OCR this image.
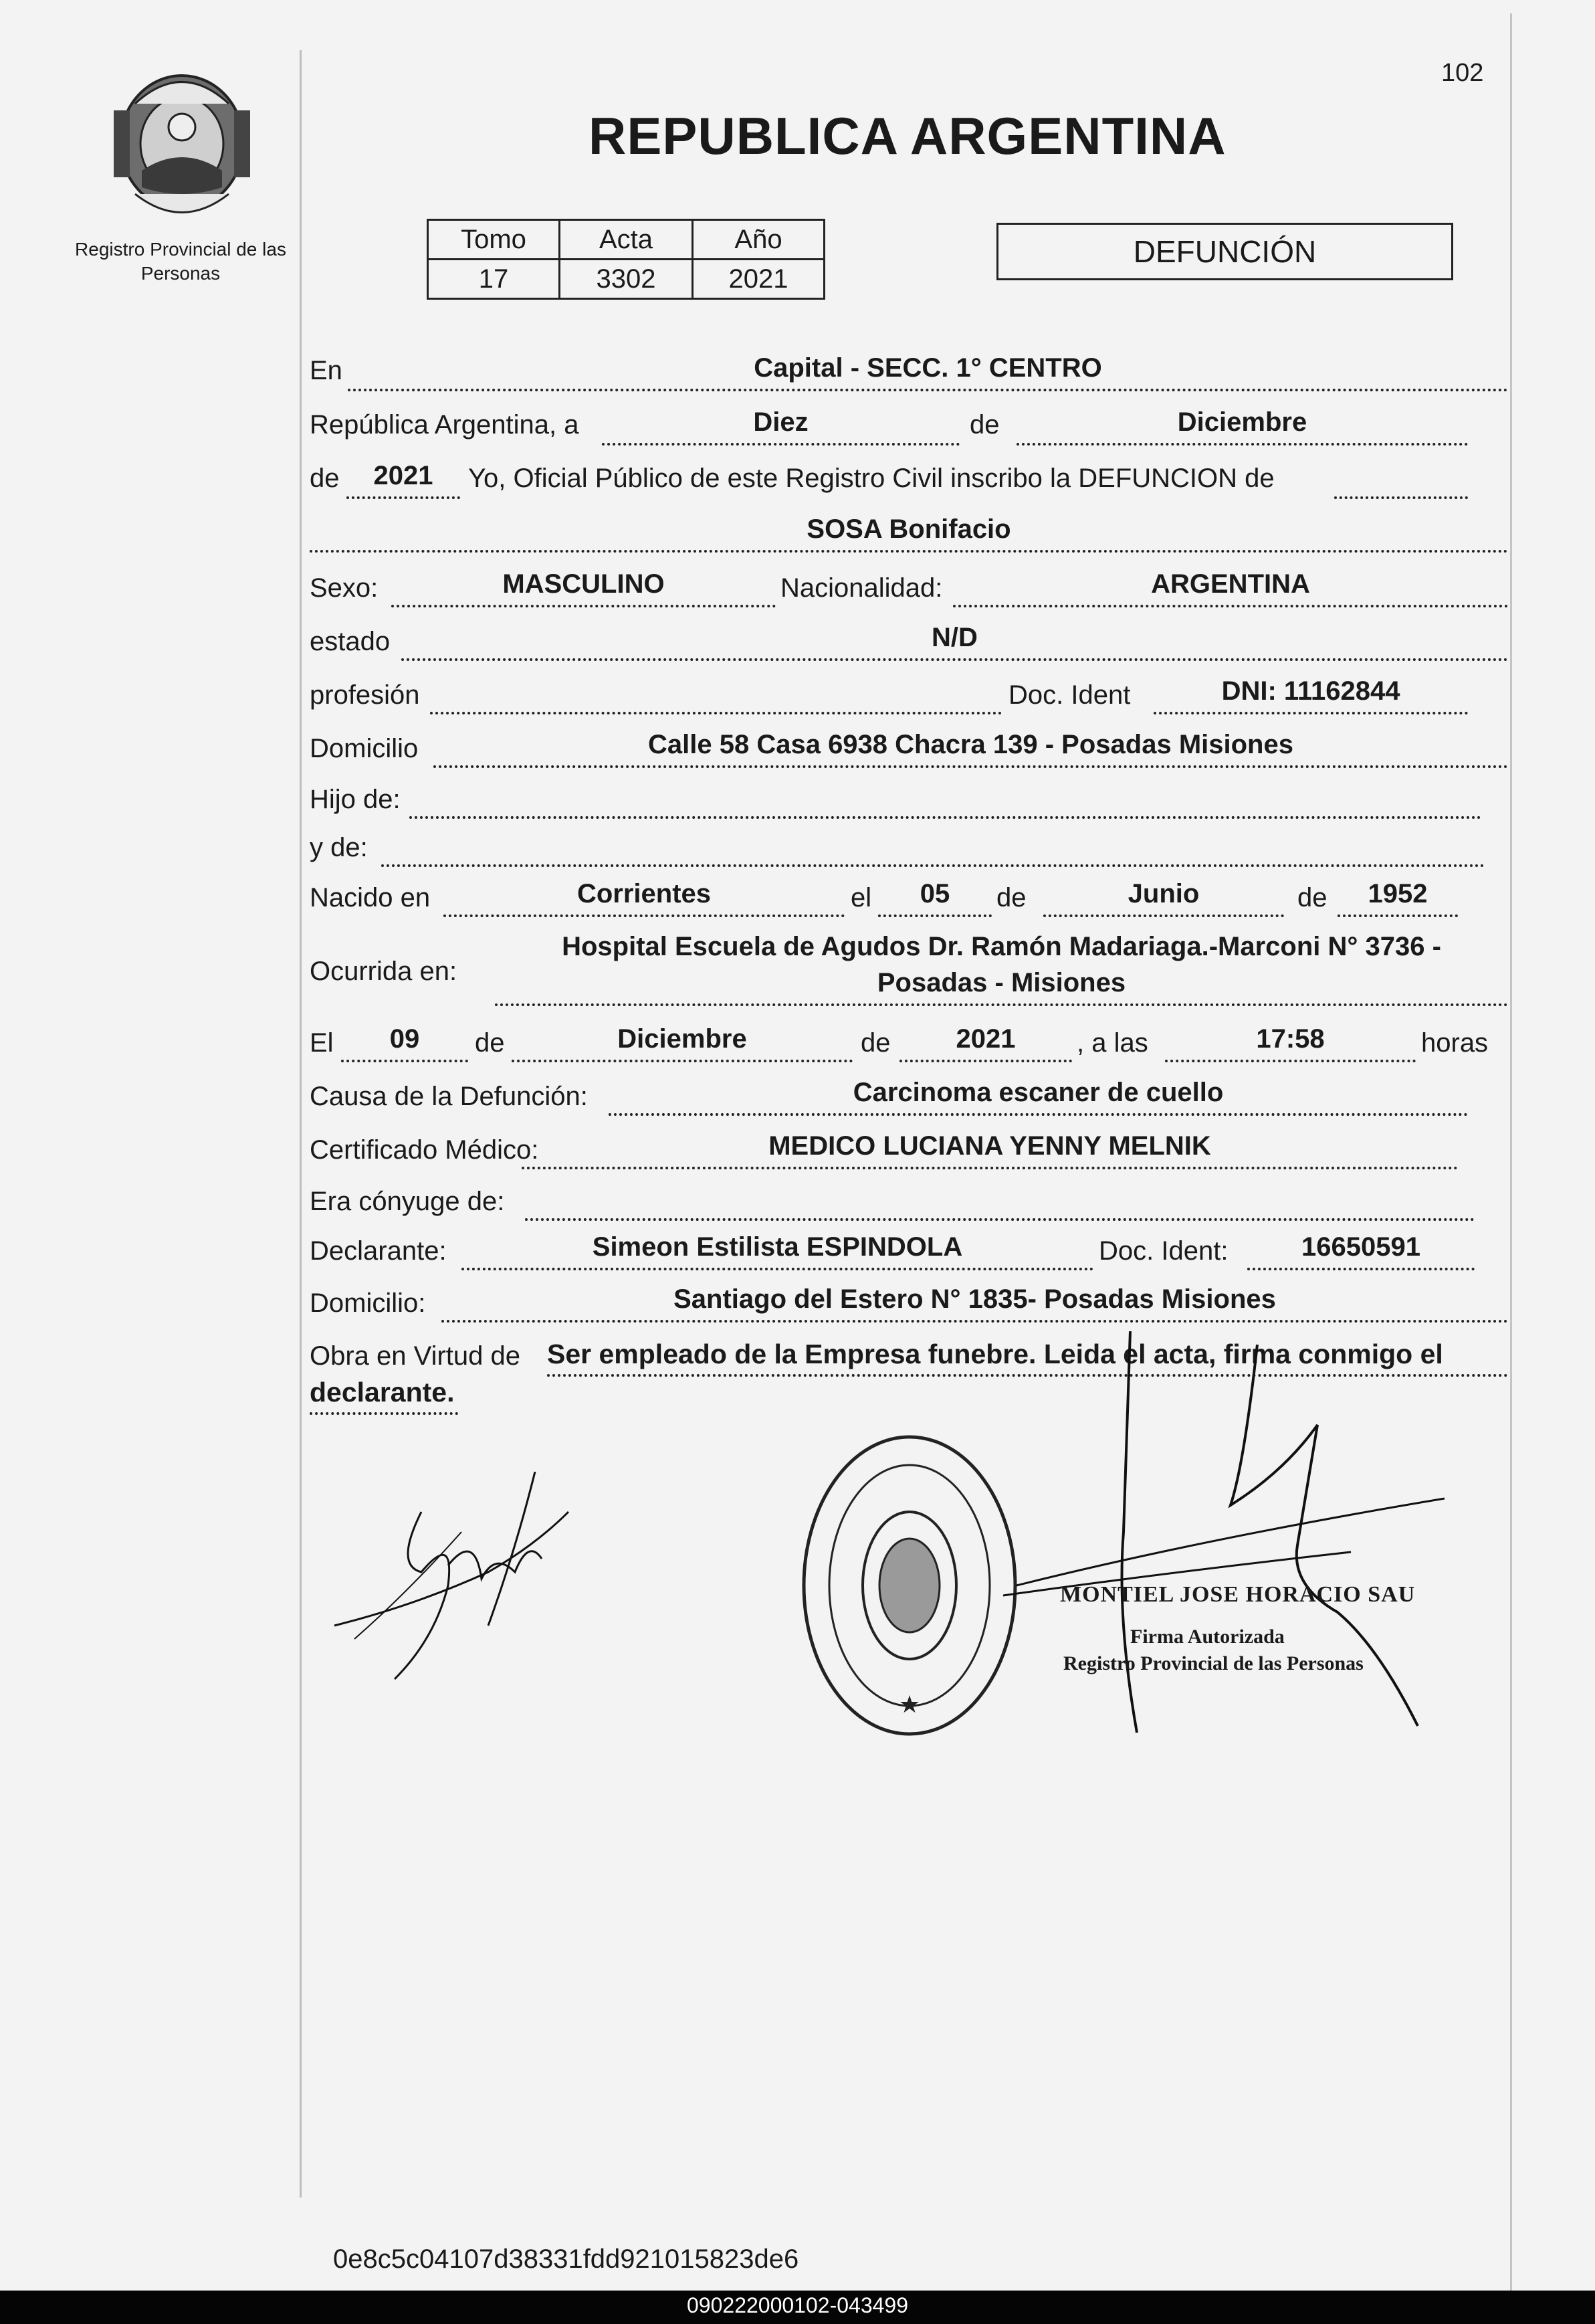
Registro Provincial de las Personas
102
REPUBLICA ARGENTINA
Tomo	Acta	Año
17	3302	2021
DEFUNCIÓN
En	Capital - SECC. 1° CENTRO
República Argentina, a	Diez	de	Diciembre
de	2021	Yo, Oficial Público de este Registro Civil inscribo la DEFUNCION de
SOSA Bonifacio
Sexo:	MASCULINO	Nacionalidad:	ARGENTINA
estado	N/D
profesión	Doc. Ident	DNI: 11162844
Domicilio	Calle 58 Casa 6938 Chacra 139 - Posadas Misiones
Hijo de:
y de:
Nacido en	Corrientes	el	05	de	Junio	de	1952
Ocurrida en:
Hospital Escuela de Agudos Dr. Ramón Madariaga.-Marconi N° 3736 -
Posadas - Misiones
El	09	de	Diciembre	de	2021	, a las	17:58	horas
Causa de la Defunción:	Carcinoma escaner de cuello
Certificado Médico:	MEDICO LUCIANA YENNY MELNIK
Era cónyuge de:
Declarante:	Simeon Estilista ESPINDOLA	Doc. Ident:	16650591
Domicilio:	Santiago del Estero N° 1835- Posadas Misiones
Obra en Virtud de Ser empleado de la Empresa funebre. Leida el acta, firma conmigo el
declarante.
★
MONTIEL JOSE HORACIO SAU
Firma Autorizada
Registro Provincial de las Personas
0e8c5c04107d38331fdd921015823de6
090222000102-043499
